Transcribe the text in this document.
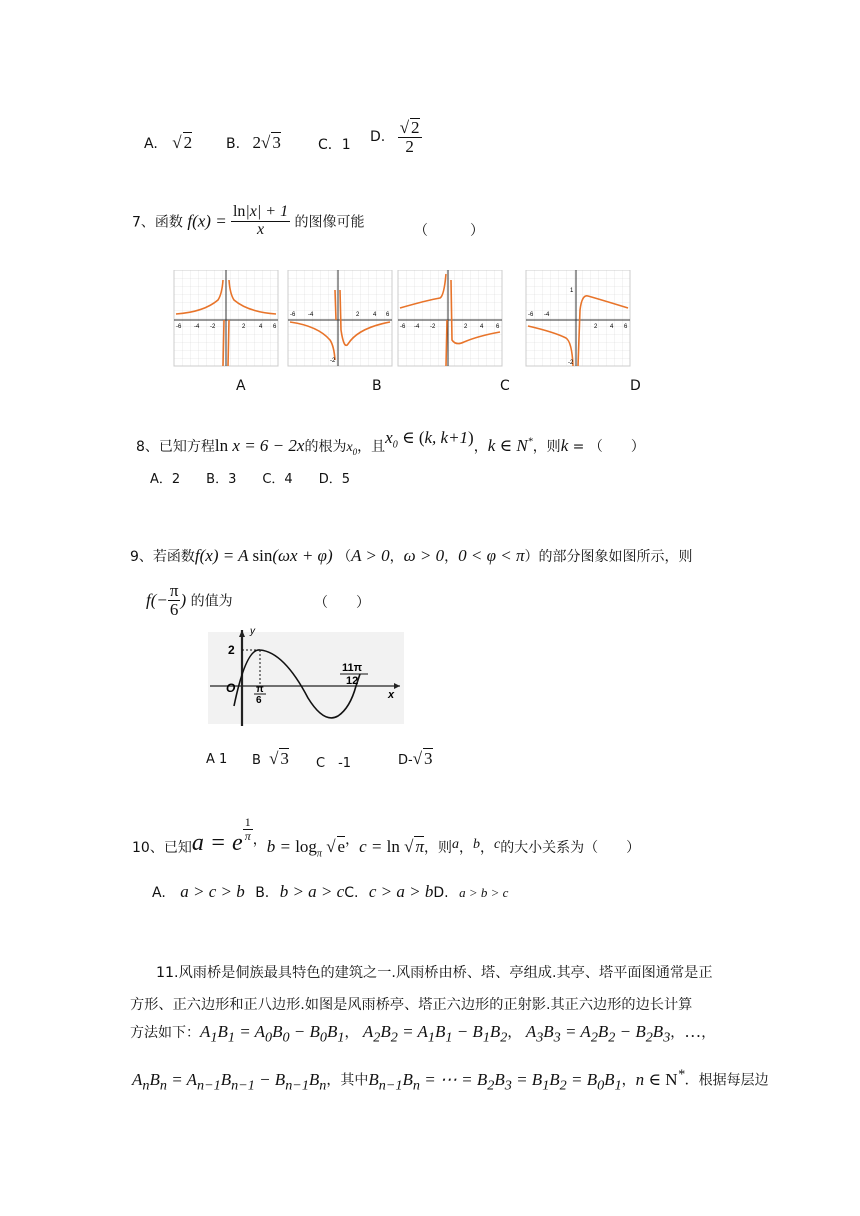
A. √ 2 B. 2√ 3	C．1
D. $\frac{√ 2}{2}$
7、函数 $f(x) = \frac{\ln|x| + 1}{x}$ 的图像可能
（　　　）
-6 -4 -2	2 4 6
-6 -4	2 4 6
-2
-6 -4 -2	2 4 6
-6 -4
2 4 6
1
-2
A	B	C	D
8、已知方程ln x = 6 − 2x的根为$x_0$，且$x_0$ ∈ (k, k+1)，k ∈ N*，则k = （　　）
A．2　　B．3　　C．4　　D．5
9、若函数f(x) = A sin(ωx + φ) （A > 0，ω > 0，0 < φ < π）的部分图象如图所示，则
$f(- \frac{\pi}{6}$ ) 的值为	（　　）
y
x
O
2
π
6
11π
12
A 1 B √ 3 C　-1	D-√ 3
10、已知a = e
$\frac{1}{\pi}$ ，$b = \log_\pi$ √ e，c = ln √ π，则a，b，c的大小关系为（　　）
A. a > c > b B. b > a > cC. c > a > bD. a > b > c
11.风雨桥是侗族最具特色的建筑之一.风雨桥由桥、塔、亭组成.其亭、塔平面图通常是正
方形、正六边形和正八边形.如图是风雨桥亭、塔正六边形的正射影.其正六边形的边长计算
方法如下：$A_1B_1 = A_0B_0 - B_0B_1$， $A_2B_2 = A_1B_1 - B_1B_2$， $A_3B_3 = A_2B_2 - B_2B_3$，…，
$A_nB_n = A_{n-1}B_{n-1} - B_{n-1}B_n$，其中$B_{n-1}B_n$ = ⋯ = $B_2B_3 = B_1B_2 = B_0B_1$，n ∈ N*．根据每层边
